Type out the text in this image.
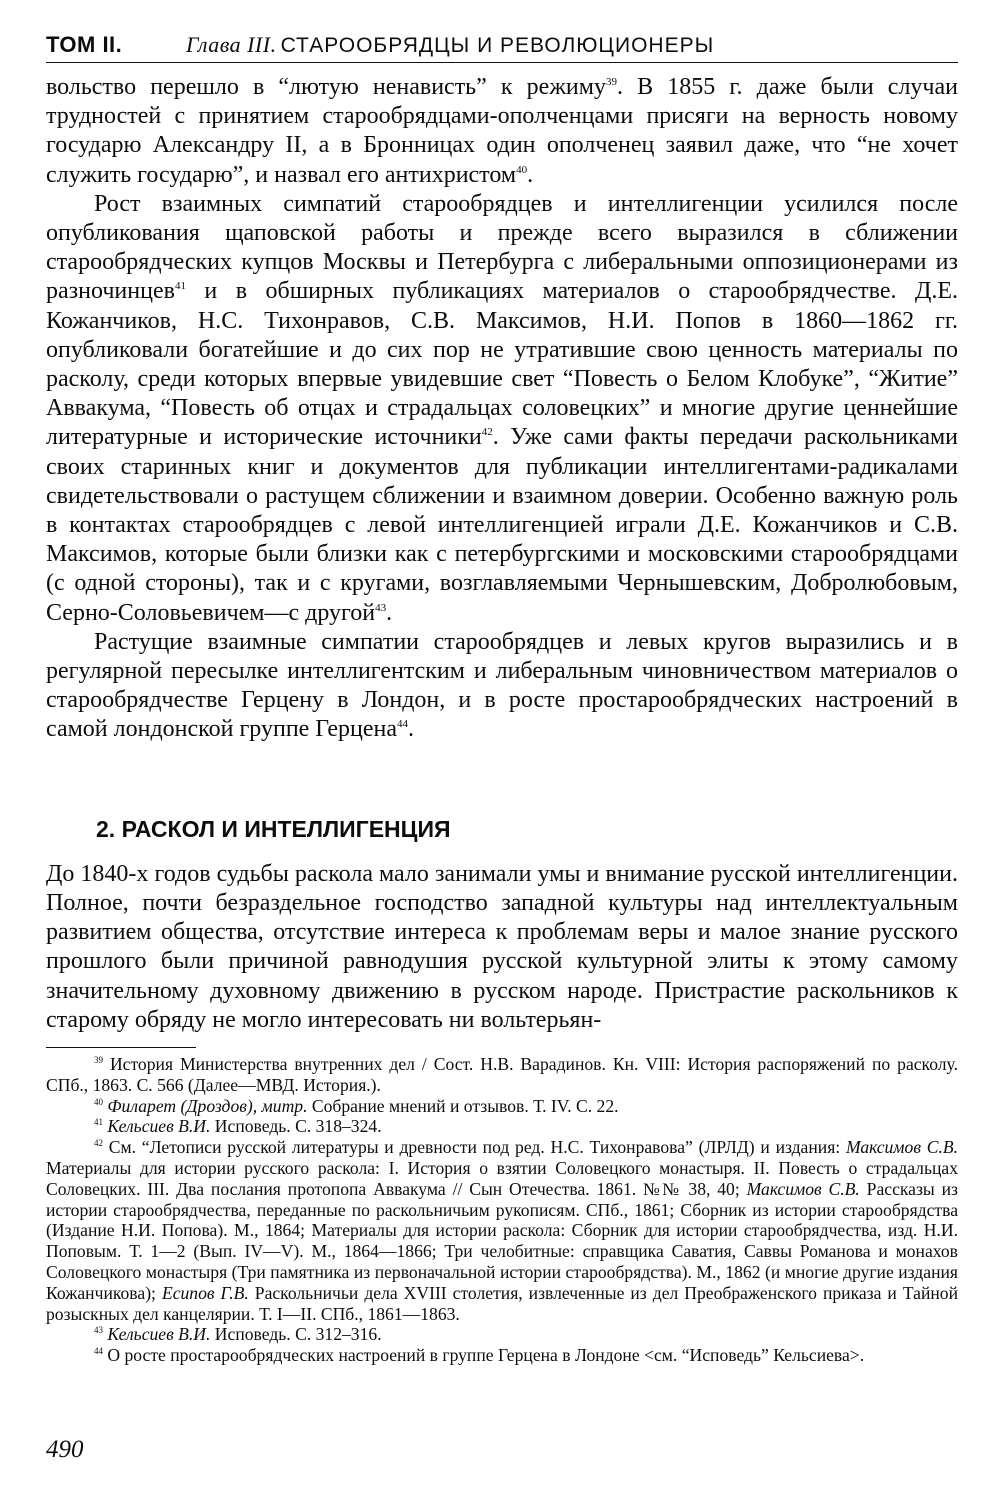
ТОМ II.	Глава III. СТАРООБРЯДЦЫ И РЕВОЛЮЦИОНЕРЫ

вольство перешло в “лютую ненависть” к режиму$^{39}$. В 1855 г. даже были случаи трудностей с принятием старообрядцами-ополченцами присяги на верность новому государю Александру II, а в Бронницах один ополченец заявил даже, что “не хочет служить государю”, и назвал его антихристом$^{40}$.

Рост взаимных симпатий старообрядцев и интеллигенции усилился после опубликования щаповской работы и прежде всего выразился в сближении старообрядческих купцов Москвы и Петербурга с либеральными оппозиционерами из разночинцев$^{41}$ и в обширных публикациях материалов о старообрядчестве. Д.Е. Кожанчиков, Н.С. Тихонравов, С.В. Максимов, Н.И. Попов в 1860—1862 гг. опубликовали богатейшие и до сих пор не утратившие свою ценность материалы по расколу, среди которых впервые увидевшие свет “Повесть о Белом Клобуке”, “Житие” Аввакума, “Повесть об отцах и страдальцах соловецких” и многие другие ценнейшие литературные и исторические источники$^{42}$. Уже сами факты передачи раскольниками своих старинных книг и документов для публикации интеллигентами-радикалами свидетельствовали о растущем сближении и взаимном доверии. Особенно важную роль в контактах старообрядцев с левой интеллигенцией играли Д.Е. Кожанчиков и С.В. Максимов, которые были близки как с петербургскими и московскими старообрядцами (с одной стороны), так и с кругами, возглавляемыми Чернышевским, Добролюбовым, Серно-Соловьевичем—с другой$^{43}$.

Растущие взаимные симпатии старообрядцев и левых кругов выразились и в регулярной пересылке интеллигентским и либеральным чиновничеством материалов о старообрядчестве Герцену в Лондон, и в росте простарообрядческих настроений в самой лондонской группе Герцена$^{44}$.

2. РАСКОЛ И ИНТЕЛЛИГЕНЦИЯ

До 1840-х годов судьбы раскола мало занимали умы и внимание русской интеллигенции. Полное, почти безраздельное господство западной культуры над интеллектуальным развитием общества, отсутствие интереса к проблемам веры и малое знание русского прошлого были причиной равнодушия русской культурной элиты к этому самому значительному духовному движению в русском народе. Пристрастие раскольников к старому обряду не могло интересовать ни вольтерьян-

$^{39}$ История Министерства внутренних дел / Сост. Н.В. Варадинов. Кн. VIII: История распоряжений по расколу. СПб., 1863. С. 566 (Далее—МВД. История.).

$^{40}$ Филарет (Дроздов), митр. Собрание мнений и отзывов. Т. IV. С. 22.

$^{41}$ Кельсиев В.И. Исповедь. С. 318–324.

$^{42}$ См. “Летописи русской литературы и древности под ред. Н.С. Тихонравова” (ЛРЛД) и издания: Максимов С.В. Материалы для истории русского раскола: I. История о взятии Соловецкого монастыря. II. Повесть о страдальцах Соловецких. III. Два послания протопопа Аввакума // Сын Отечества. 1861. №№ 38, 40; Максимов С.В. Рассказы из истории старообрядчества, переданные по раскольничьим рукописям. СПб., 1861; Сборник из истории старообрядства (Издание Н.И. Попова). М., 1864; Материалы для истории раскола: Сборник для истории старообрядчества, изд. Н.И. Поповым. Т. 1—2 (Вып. IV—V). М., 1864—1866; Три челобитные: справщика Саватия, Саввы Романова и монахов Соловецкого монастыря (Три памятника из первоначальной истории старообрядства). М., 1862 (и многие другие издания Кожанчикова); Есипов Г.В. Раскольничьи дела XVIII столетия, извлеченные из дел Преображенского приказа и Тайной розыскных дел канцелярии. Т. I—II. СПб., 1861—1863.

$^{43}$ Кельсиев В.И. Исповедь. С. 312–316.

$^{44}$ О росте простарообрядческих настроений в группе Герцена в Лондоне <см. “Исповедь” Кельсиева>.

490
